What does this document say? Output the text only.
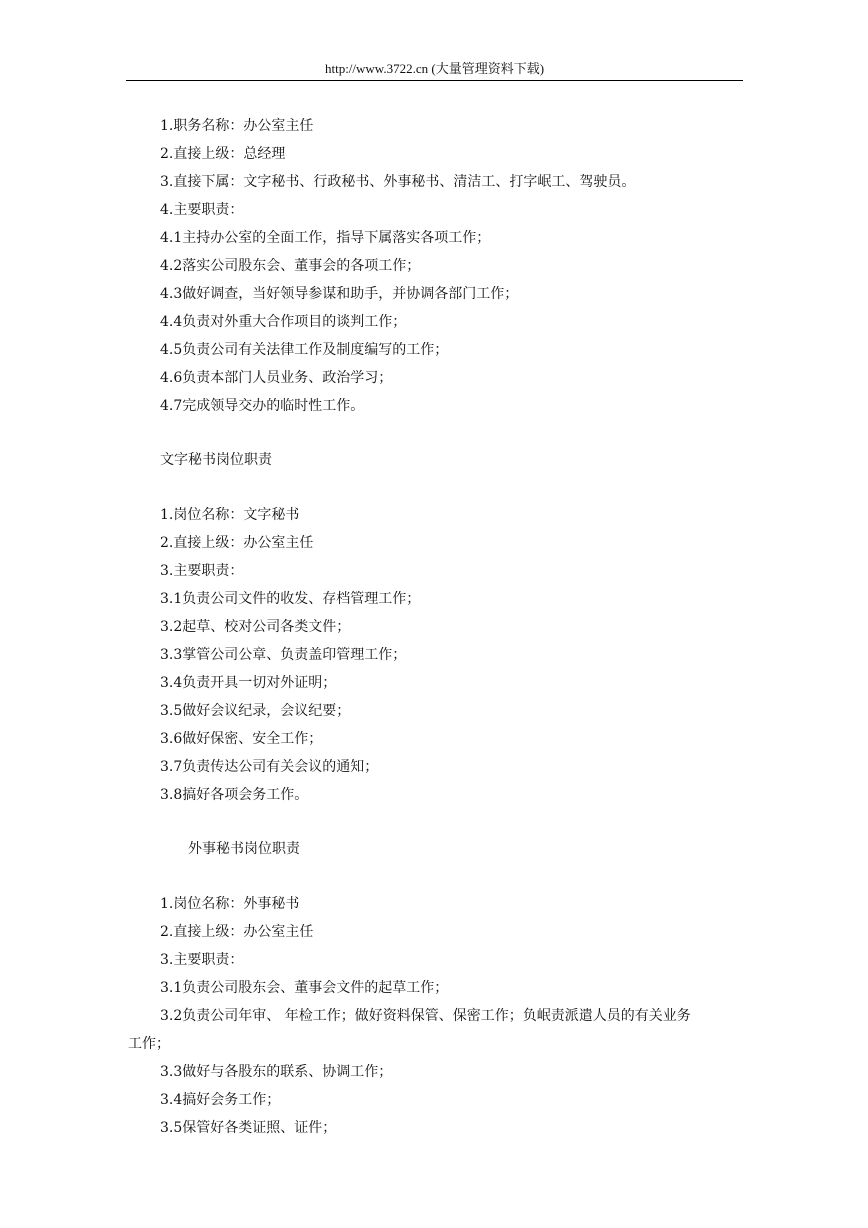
http://www.3722.cn (大量管理资料下载)
1.职务名称：办公室主任
2.直接上级：总经理
3.直接下属：文字秘书、行政秘书、外事秘书、清洁工、打字岷工、驾驶员。
4.主要职责：
4.1主持办公室的全面工作，指导下属落实各项工作；
4.2落实公司股东会、董事会的各项工作；
4.3做好调查，当好领导参谋和助手，并协调各部门工作；
4.4负责对外重大合作项目的谈判工作；
4.5负责公司有关法律工作及制度编写的工作；
4.6负责本部门人员业务、政治学习；
4.7完成领导交办的临时性工作。
文字秘书岗位职责
1.岗位名称：文字秘书
2.直接上级：办公室主任
3.主要职责：
3.1负责公司文件的收发、存档管理工作；
3.2起草、校对公司各类文件；
3.3掌管公司公章、负责盖印管理工作；
3.4负责开具一切对外证明；
3.5做好会议纪录，会议纪要；
3.6做好保密、安全工作；
3.7负责传达公司有关会议的通知；
3.8搞好各项会务工作。
外事秘书岗位职责
1.岗位名称：外事秘书
2.直接上级：办公室主任
3.主要职责：
3.1负责公司股东会、董事会文件的起草工作；
3.2负责公司年审、 年检工作；做好资料保管、保密工作；负岷责派遣人员的有关业务
工作；
3.3做好与各股东的联系、协调工作；
3.4搞好会务工作；
3.5保管好各类证照、证件；
